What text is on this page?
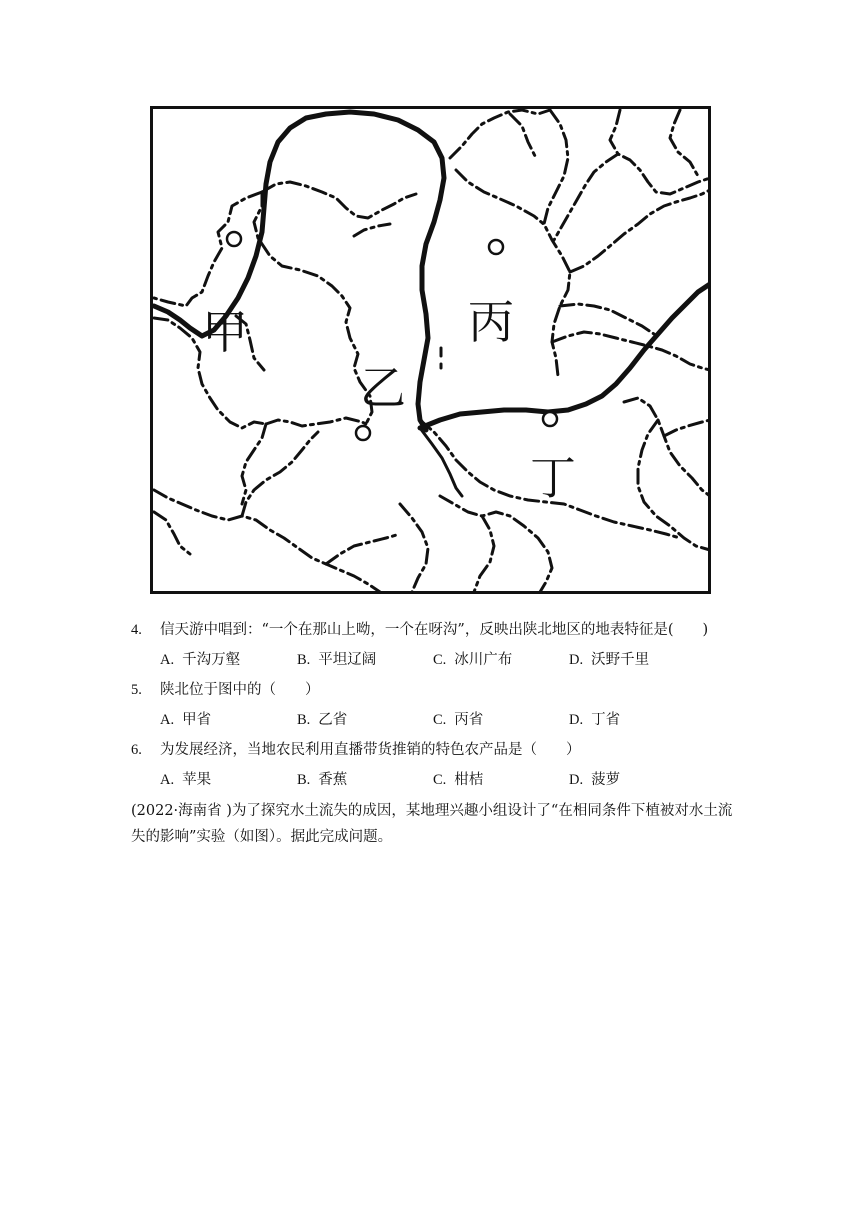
甲
乙
丙
丁
4. 信天游中唱到：“一个在那山上呦，一个在呀沟”，反映出陕北地区的地表特征是(　　)
A. 千沟万壑	B. 平坦辽阔	C. 冰川广布	D. 沃野千里
5. 陕北位于图中的（　　）
A. 甲省	B. 乙省	C. 丙省	D. 丁省
6. 为发展经济，当地农民利用直播带货推销的特色农产品是（　　）
A. 苹果	B. 香蕉	C. 柑桔	D. 菠萝
(2022·海南省 )为了探究水土流失的成因，某地理兴趣小组设计了“在相同条件下植被对水土流失的影响”实验（如图）。据此完成问题。
